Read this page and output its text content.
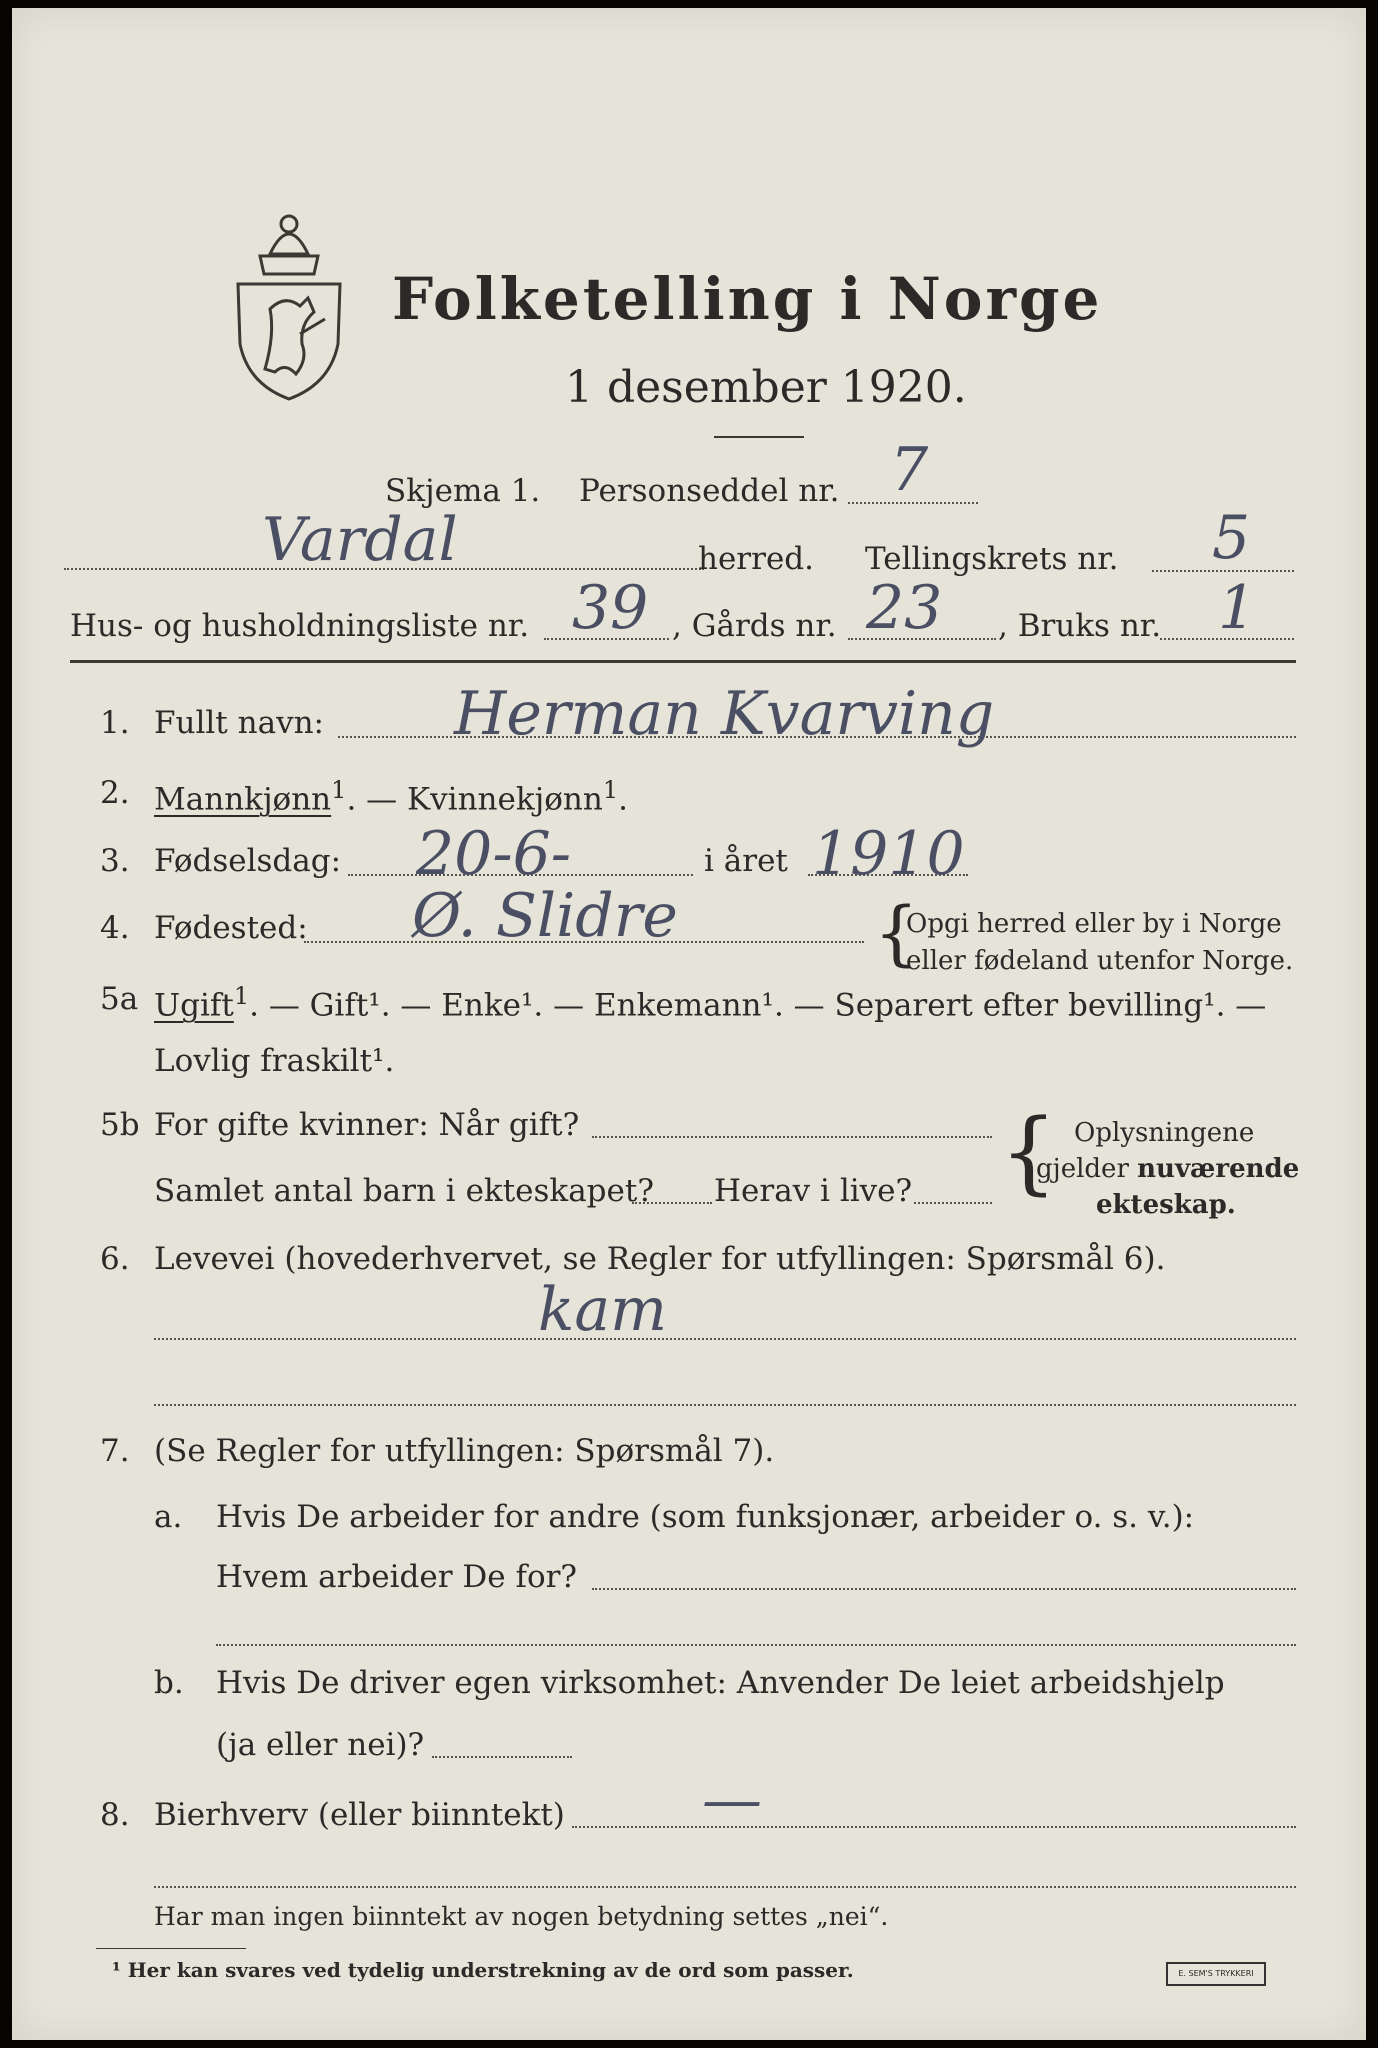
Folketelling i Norge
1 desember 1920.
Skjema 1. Personseddel nr. 7
Vardal	herred. Tellingskrets nr. 5
Hus- og husholdningsliste nr. 39 , Gårds nr. 23 , Bruks nr. 1
1. Fullt navn: Herman Kvarving
2. Mannkjønn$^1$. — Kvinnekjønn$^1$.
3. Fødselsdag: 20-6-	i året 1910
4. Fødested: Ø. Slidre	{
Opgi herred eller by i Norge
eller fødeland utenfor Norge.
5a Ugift$^1$. — Gift¹. — Enke¹. — Enkemann¹. — Separert efter bevilling¹. —
Lovlig fraskilt¹.
5b For gifte kvinner: Når gift?
Samlet antal barn i ekteskapet? Herav i live? { Oplysningene
gjelder nuværende
ekteskap.
6. Levevei (hovederhvervet, se Regler for utfyllingen: Spørsmål 6).
kam
7. (Se Regler for utfyllingen: Spørsmål 7).
a. Hvis De arbeider for andre (som funksjonær, arbeider o. s. v.):
Hvem arbeider De for?
b. Hvis De driver egen virksomhet: Anvender De leiet arbeidshjelp
(ja eller nei)?
8. Bierhverv (eller biinntekt) —
Har man ingen biinntekt av nogen betydning settes „nei“.
¹ Her kan svares ved tydelig understrekning av de ord som passer.	E. SEM'S TRYKKERI
